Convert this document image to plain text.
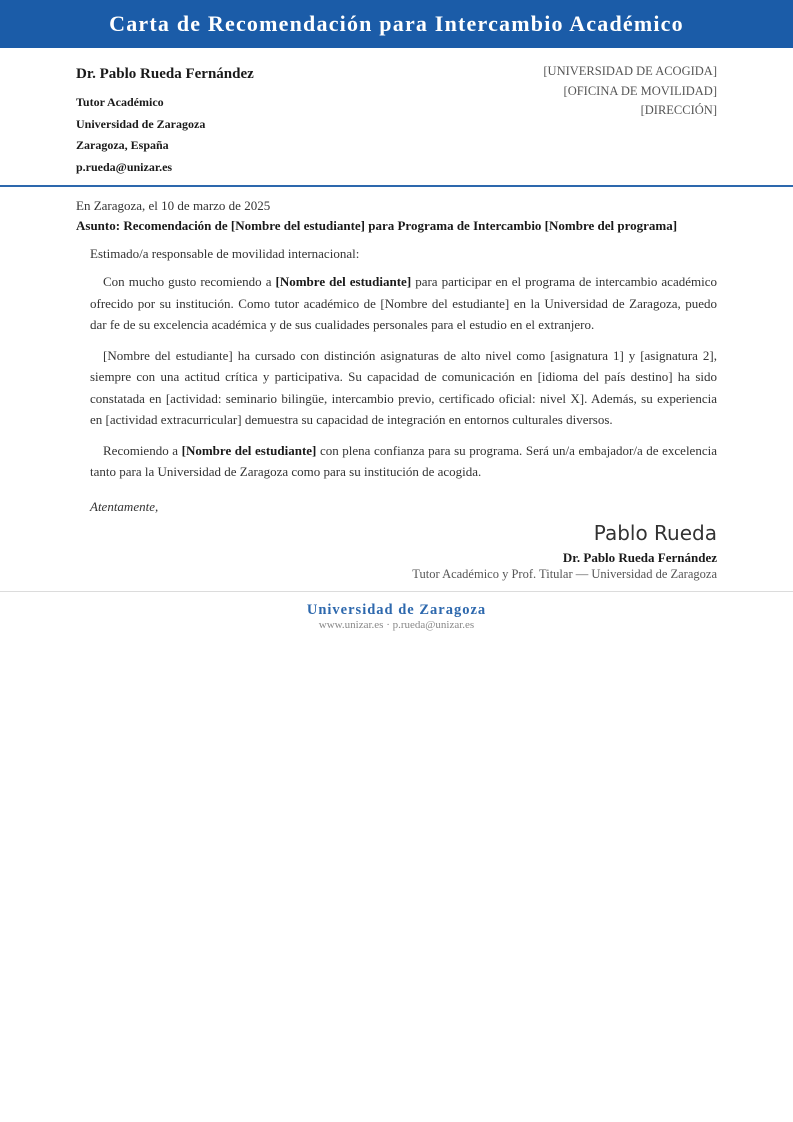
Carta de Recomendación para Intercambio Académico
Dr. Pablo Rueda Fernández
Tutor Académico
Universidad de Zaragoza
Zaragoza, España
p.rueda@unizar.es
[UNIVERSIDAD DE ACOGIDA]
[OFICINA DE MOVILIDAD]
[DIRECCIÓN]
En Zaragoza, el 10 de marzo de 2025
Asunto: Recomendación de [Nombre del estudiante] para Programa de Intercambio [Nombre del programa]
Estimado/a responsable de movilidad internacional:

Con mucho gusto recomiendo a [Nombre del estudiante] para participar en el programa de intercambio académico ofrecido por su institución. Como tutor académico de [Nombre del estudiante] en la Universidad de Zaragoza, puedo dar fe de su excelencia académica y de sus cualidades personales para el estudio en el extranjero.

[Nombre del estudiante] ha cursado con distinción asignaturas de alto nivel como [asignatura 1] y [asignatura 2], siempre con una actitud crítica y participativa. Su capacidad de comunicación en [idioma del país destino] ha sido constatada en [actividad: seminario bilingüe, intercambio previo, certificado oficial: nivel X]. Además, su experiencia en [actividad extracurricular] demuestra su capacidad de integración en entornos culturales diversos.

Recomiendo a [Nombre del estudiante] con plena confianza para su programa. Será un/a embajador/a de excelencia tanto para la Universidad de Zaragoza como para su institución de acogida.

Atentamente,
Pablo Rueda
Dr. Pablo Rueda Fernández
Tutor Académico y Prof. Titular — Universidad de Zaragoza
Universidad de Zaragoza
www.unizar.es · p.rueda@unizar.es
